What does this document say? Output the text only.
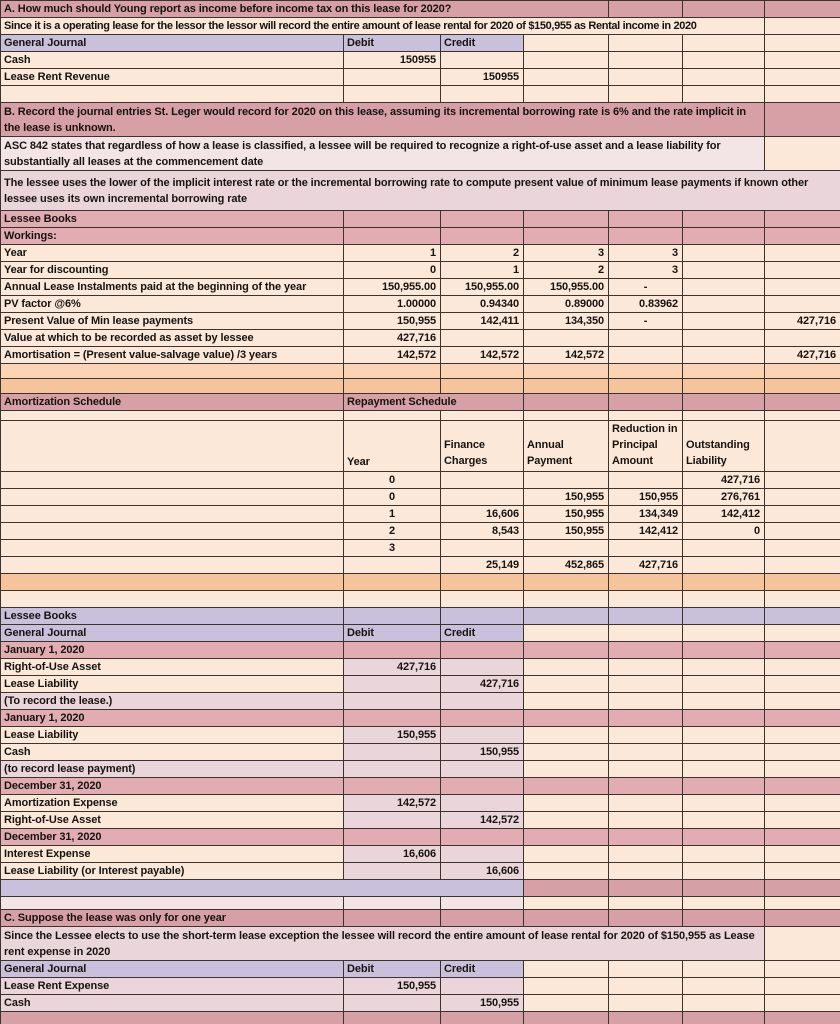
A. How much should Young report as income before income tax on this lease for 2020?						
Since it is a operating lease for the lessor the lessor will record the entire amount of lease rental for 2020 of $150,955 as Rental income in 2020						
General Journal	Debit	Credit				
Cash	150955					
Lease Rent Revenue		150955				

B. Record the journal entries St. Leger would record for 2020 on this lease, assuming its incremental borrowing rate is 6% and the rate implicit in the lease is unknown.						
ASC 842 states that regardless of how a lease is classified, a lessee will be required to recognize a right-of-use asset and a lease liability for substantially all leases at the commencement date						
The lessee uses the lower of the implicit interest rate or the incremental borrowing rate to compute present value of minimum lease payments if known other lessee uses its own incremental borrowing rate						
Lessee Books						
Workings:						
Year	1	2	3	3		
Year for discounting	0	1	2	3		
Annual Lease Instalments paid at the beginning of the year	150,955.00	150,955.00	150,955.00	-		
PV factor @6%	1.00000	0.94340	0.89000	0.83962		
Present Value of Min lease payments	150,955	142,411	134,350	-		427,716
Value at which to be recorded as asset by lessee	427,716					
Amortisation = (Present value-salvage value) /3 years	142,572	142,572	142,572			427,716

Amortization Schedule	Repayment Schedule					

	Year	Finance Charges	Annual Payment	Reduction in Principal Amount	Outstanding Liability	
	0				427,716	
	0		150,955	150,955	276,761	
	1	16,606	150,955	134,349	142,412	
	2	8,543	150,955	142,412	0	
	3					
		25,149	452,865	427,716		

Lessee Books						
General Journal	Debit	Credit				
January 1, 2020						
Right-of-Use Asset	427,716					
Lease Liability		427,716				
(To record the lease.)						
January 1, 2020						
Lease Liability	150,955					
Cash		150,955				
(to record lease payment)						
December 31, 2020						
Amortization Expense	142,572					
Right-of-Use Asset		142,572				
December 31, 2020						
Interest Expense	16,606					
Lease Liability (or Interest payable)		16,606				

C. Suppose the lease was only for one year						
Since the Lessee elects to use the short-term lease exception the lessee will record the entire amount of lease rental for 2020 of $150,955 as Lease rent expense in 2020						
General Journal	Debit	Credit				
Lease Rent Expense	150,955					
Cash		150,955				
